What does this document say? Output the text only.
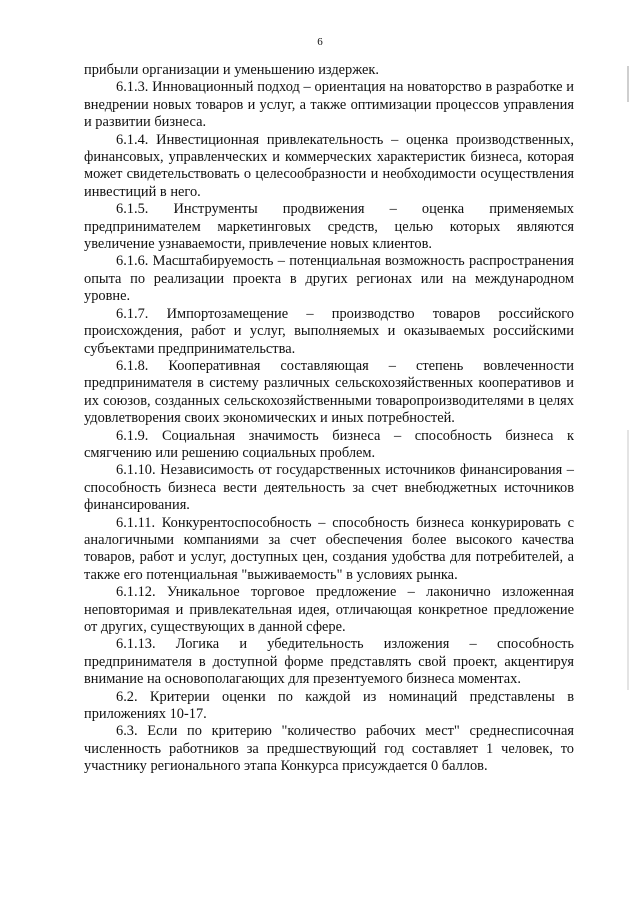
6

прибыли организации и уменьшению издержек.

6.1.3. Инновационный подход – ориентация на новаторство в разработке и внедрении новых товаров и услуг, а также оптимизации процессов управления и развитии бизнеса.

6.1.4. Инвестиционная привлекательность – оценка производственных, финансовых, управленческих и коммерческих характеристик бизнеса, которая может свидетельствовать о целесообразности и необходимости осуществления инвестиций в него.

6.1.5. Инструменты продвижения – оценка применяемых предпринимателем маркетинговых средств, целью которых являются увеличение узнаваемости, привлечение новых клиентов.

6.1.6. Масштабируемость – потенциальная возможность распространения опыта по реализации проекта в других регионах или на международном уровне.

6.1.7. Импортозамещение – производство товаров российского происхождения, работ и услуг, выполняемых и оказываемых российскими субъектами предпринимательства.

6.1.8. Кооперативная составляющая – степень вовлеченности предпринимателя в систему различных сельскохозяйственных кооперативов и их союзов, созданных сельскохозяйственными товаропроизводителями в целях удовлетворения своих экономических и иных потребностей.

6.1.9. Социальная значимость бизнеса – способность бизнеса к смягчению или решению социальных проблем.

6.1.10. Независимость от государственных источников финансирования – способность бизнеса вести деятельность за счет внебюджетных источников финансирования.

6.1.11. Конкурентоспособность – способность бизнеса конкурировать с аналогичными компаниями за счет обеспечения более высокого качества товаров, работ и услуг, доступных цен, создания удобства для потребителей, а также его потенциальная "выживаемость" в условиях рынка.

6.1.12. Уникальное торговое предложение – лаконично изложенная неповторимая и привлекательная идея, отличающая конкретное предложение от других, существующих в данной сфере.

6.1.13. Логика и убедительность изложения – способность предпринимателя в доступной форме представлять свой проект, акцентируя внимание на основополагающих для презентуемого бизнеса моментах.

6.2. Критерии оценки по каждой из номинаций представлены в приложениях 10-17.

6.3. Если по критерию "количество рабочих мест" среднесписочная численность работников за предшествующий год составляет 1 человек, то участнику регионального этапа Конкурса присуждается 0 баллов.
